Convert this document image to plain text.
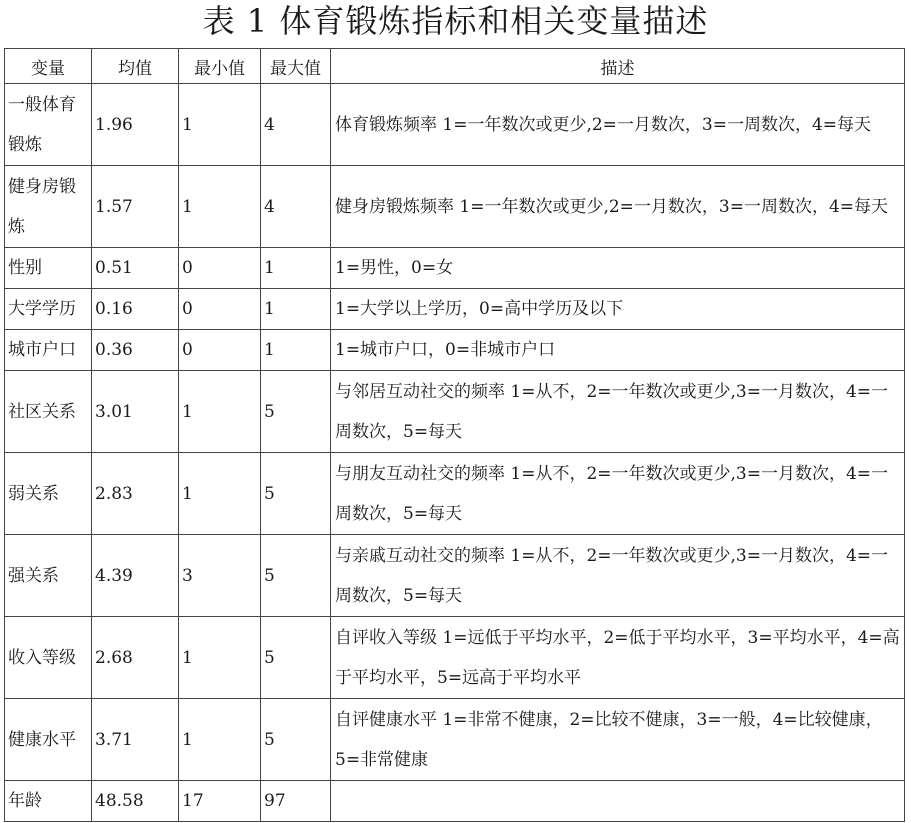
表 1 体育锻炼指标和相关变量描述
变量	均值	最小值	最大值	描述
一般体育锻炼	1.96	1	4	体育锻炼频率 1=一年数次或更少,2=一月数次，3=一周数次，4=每天
健身房锻炼	1.57	1	4	健身房锻炼频率 1=一年数次或更少,2=一月数次，3=一周数次，4=每天
性别	0.51	0	1	1=男性，0=女
大学学历	0.16	0	1	1=大学以上学历，0=高中学历及以下
城市户口	0.36	0	1	1=城市户口，0=非城市户口
社区关系	3.01	1	5	与邻居互动社交的频率 1=从不，2=一年数次或更少,3=一月数次，4=一周数次，5=每天
弱关系	2.83	1	5	与朋友互动社交的频率 1=从不，2=一年数次或更少,3=一月数次，4=一周数次，5=每天
强关系	4.39	3	5	与亲戚互动社交的频率 1=从不，2=一年数次或更少,3=一月数次，4=一周数次，5=每天
收入等级	2.68	1	5	自评收入等级 1=远低于平均水平，2=低于平均水平，3=平均水平，4=高于平均水平，5=远高于平均水平
健康水平	3.71	1	5	自评健康水平 1=非常不健康，2=比较不健康，3=一般，4=比较健康，5=非常健康
年龄	48.58	17	97	
